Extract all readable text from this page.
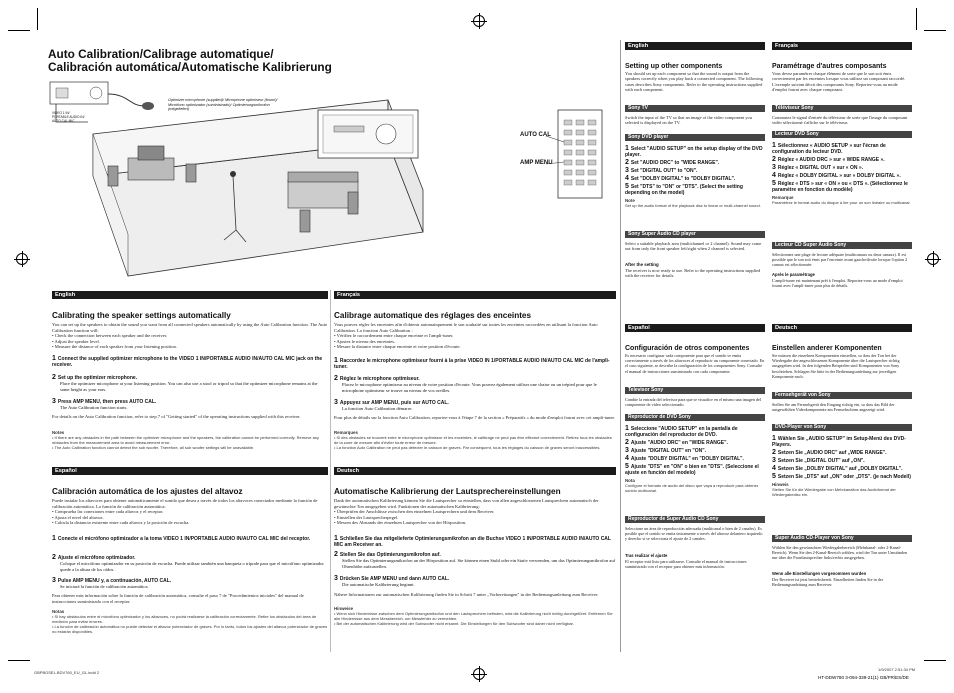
Auto Calibration/Calibrage automatique/
Calibración automática/Automatische Kalibrierung
Optimizer microphone (supplied)/ Microphone optimiseur (fourni)/ Micrófono optimizador (suministrado)/ Optimierungsmikrofon (mitgeliefert)
VIDEO 1 IN/ PORTABLE AUDIO IN/ AUTO CAL MIC
AUTO CAL
AMP MENU
English
Calibrating the speaker settings automatically

You can set up the speakers to obtain the sound you want from all connected speakers automatically by using the Auto Calibration function. The Auto Calibration function will:

• Check the connection between each speaker and the receiver.

• Adjust the speaker level.

• Measure the distance of each speaker from your listening position.

1 Connect the supplied optimizer microphone to the VIDEO 1 IN/PORTABLE AUDIO IN/AUTO CAL MIC jack on the receiver.
2 Set up the optimizer microphone.
Place the optimizer microphone at your listening position. You can also use a stool or tripod so that the optimizer microphone remains at the same height as your ears.
3 Press AMP MENU, then press AUTO CAL.
The Auto Calibration function starts.
For details on the Auto Calibration function, refer to step 7 of "Getting started" of the operating instructions supplied with this receiver.
Notes

• If there are any obstacles in the path between the optimizer microphone and the speakers, the calibration cannot be performed correctly. Remove any obstacles from the measurement area to avoid measurement error.

• The Auto Calibration function cannot detect the sub woofer. Therefore, all sub woofer settings will be unavailable.

Français
Calibrage automatique des réglages des enceintes

Vous pouvez régler les enceintes afin d'obtenir automatiquement le son souhaité sur toutes les enceintes raccordées en utilisant la fonction Auto Calibration. La fonction Auto Calibration :

• Vérifiez le raccordement entre chaque enceinte et l'ampli-tuner.

• Ajustez le niveau des enceintes.

• Mesure la distance entre chaque enceinte et votre position d'écoute.

1 Raccordez le microphone optimiseur fourni à la prise VIDEO IN 1/PORTABLE AUDIO IN/AUTO CAL MIC de l'ampli-tuner.
2 Réglez le microphone optimiseur.
Placez le microphone optimiseur au niveau de votre position d'écoute. Vous pouvez également utiliser une chaise ou un trépied pour que le microphone optimiseur se trouve au niveau de vos oreilles.
3 Appuyez sur AMP MENU, puis sur AUTO CAL.
La fonction Auto Calibration démarre.
Pour plus de détails sur la fonction Auto Calibration, reportez-vous à l'étape 7 de la section « Préparatifs » du mode d'emploi fourni avec cet ampli-tuner.
Remarques

• Si des obstacles se trouvent entre le microphone optimiseur et les enceintes, le calibrage ne peut pas être effectué correctement. Retirez tous les obstacles de la zone de mesure afin d'éviter toute erreur de mesure.

• La fonction Auto Calibration ne peut pas détecter le caisson de graves. Par conséquent, tous les réglages du caisson de graves seront inaccessibles.

Español
Calibración automática de los ajustes del altavoz

Puede instalar los altavoces para obtener automáticamente el sonido que desea a través de todos los altavoces conectados mediante la función de calibración automática. La función de calibración automática:

• Comprueba las conexiones entre cada altavoz y el receptor.

• Ajusta el nivel del altavoz.

• Calcula la distancia existente entre cada altavoz y la posición de escucha.

1 Conecte el micrófono optimizador a la toma VIDEO 1 IN/PORTABLE AUDIO IN/AUTO CAL MIC del receptor.
2 Ajuste el micrófono optimizador.
Coloque el micrófono optimizador en su posición de escucha. Puede utilizar también una banqueta o trípode para que el micrófono optimizador quede a la altura de los oídos.
3 Pulse AMP MENU y, a continuación, AUTO CAL.
Se iniciará la función de calibración automática.
Para obtener más información sobre la función de calibración automática, consulte el paso 7 de "Procedimientos iniciales" del manual de instrucciones suministrado con el receptor.
Notas

• Si hay obstáculos entre el micrófono optimizador y los altavoces, no podrá realizarse la calibración correctamente. Retire los obstáculos del área de medición para evitar errores.

• La función de calibración automática no puede detectar el altavoz potenciador de graves. Por lo tanto, todos los ajustes del altavoz potenciador de graves no estarán disponibles.

Deutsch
Automatische Kalibrierung der Lautsprechereinstellungen

Dank der automatischen Kalibrierung können Sie die Lautsprecher so einstellen, dass von allen angeschlossenen Lautsprechern automatisch der gewünschte Ton ausgegeben wird. Funktionen der automatischen Kalibrierung:

• Überprüfen der Anschlüsse zwischen den einzelnen Lautsprechern und dem Receiver.

• Einstellen der Lautsprecherpegel.

• Messen des Abstands der einzelnen Lautsprecher von der Hörposition.

1 Schließen Sie das mitgelieferte Optimierungsmikrofon an die Buchse VIDEO 1 IN/PORTABLE AUDIO IN/AUTO CAL MIC am Receiver an.
2 Stellen Sie das Optimierungsmikrofon auf.
Stellen Sie das Optimierungsmikrofon an der Hörposition auf. Sie können einen Stuhl oder ein Stativ verwenden, um das Optimierungsmikrofon auf Ohrenhöhe aufzustellen.
3 Drücken Sie AMP MENU und dann AUTO CAL.
Die automatische Kalibrierung beginnt.
Nähere Informationen zur automatischen Kalibrierung finden Sie in Schritt 7 unter „Vorbereitungen" in der Bedienungsanleitung zum Receiver.
Hinweise

• Wenn sich Hindernisse zwischen dem Optimierungsmikrofon und den Lautsprechern befinden, wird die Kalibrierung nicht richtig durchgeführt. Entfernen Sie alle Hindernisse aus dem Messbereich, um Messfehler zu vermeiden.

• Bei der automatischen Kalibrierung wird der Subwoofer nicht erkannt. Die Einstellungen für den Subwoofer sind daher nicht verfügbar.

English
Setting up other components
You should set up each component so that the sound is output from the speakers correctly when you play back a connected component. The following cases describes Sony components. Refer to the operating instructions supplied with each component.
Sony TV
Switch the input of the TV so that an image of the video component you selected is displayed on the TV.
Sony DVD player
1 Select "AUDIO SETUP" on the setup display of the DVD player.
2 Set "AUDIO DRC" to "WIDE RANGE".
3 Set "DIGITAL OUT" to "ON".
4 Set "DOLBY DIGITAL" to "DOLBY DIGITAL".
5 Set "DTS" to "ON" or "DTS". (Select the setting depending on the model)
Note
Set up the audio format of the playback disc to linear or multi-channel sound.
Sony Super Audio CD player
Select a suitable playback area (multichannel or 2 channel). Sound may come out from only the front speaker left/right when 2 channel is selected.
After the setting
The receiver is now ready to use. Refer to the operating instructions supplied with the receiver for details.
Français
Paramétrage d'autres composants
Vous devez paramétrer chaque élément de sorte que le son soit émis correctement par les enceintes lorsque vous utilisez un composant raccordé. L'exemple suivant décrit des composants Sony. Reportez-vous au mode d'emploi fourni avec chaque composant.
Téléviseur Sony
Commutez le signal d'entrée du téléviseur de sorte que l'image du composant vidéo sélectionné s'affiche sur le téléviseur.
Lecteur DVD Sony
1 Sélectionnez « AUDIO SETUP » sur l'écran de configuration du lecteur DVD.
2 Réglez « AUDIO DRC » sur « WIDE RANGE ».
3 Réglez « DIGITAL OUT » sur « ON ».
4 Réglez « DOLBY DIGITAL » sur « DOLBY DIGITAL ».
5 Réglez « DTS » sur « ON » ou « DTS ». (Sélectionnez le paramètre en fonction du modèle)
Remarque
Paramétrez le format audio du disque à lire pour un son linéaire ou multicanal.
Lecteur CD Super Audio Sony
Sélectionnez une plage de lecture adéquate (multicanaux ou deux canaux). Il est possible que le son soit émis par l'enceinte avant gauche/droite lorsque l'option 2 canaux est sélectionnée.
Après le paramétrage
L'ampli-tuner est maintenant prêt à l'emploi. Reportez-vous au mode d'emploi fourni avec l'ampli-tuner pour plus de détails.
Español
Configuración de otros componentes
Es necesario configurar cada componente para que el sonido se emita correctamente a través de los altavoces al reproducir un componente conectado. En el caso siguiente, se describe la configuración de los componentes Sony. Consulte el manual de instrucciones suministrado con cada componente.
Televisor Sony
Cambie la entrada del televisor para que se visualice en el mismo una imagen del componente de vídeo seleccionado.
Reproductor de DVD Sony
1 Seleccione "AUDIO SETUP" en la pantalla de configuración del reproductor de DVD.
2 Ajuste "AUDIO DRC" en "WIDE RANGE".
3 Ajuste "DIGITAL OUT" en "ON".
4 Ajuste "DOLBY DIGITAL" en "DOLBY DIGITAL".
5 Ajuste "DTS" en "ON" o bien en "DTS". (Seleccione el ajuste en función del modelo)
Nota
Configure el formato de audio del disco que vaya a reproducir para obtener sonido multicanal.
Reproductor de Super Audio CD Sony
Seleccione un área de reproducción adecuada (multicanal o bien de 2 canales). Es posible que el sonido se emita únicamente a través del altavoz delantero izquierdo y derecho si se selecciona el ajuste de 2 canales.
Tras realizar el ajuste
El receptor está listo para utilizarse. Consulte el manual de instrucciones suministrado con el receptor para obtener más información.
Deutsch
Einstellen anderer Komponenten
Sie müssen die einzelnen Komponenten einstellen, so dass der Ton bei der Wiedergabe der angeschlossenen Komponente über die Lautsprecher richtig ausgegeben wird. In den folgenden Beispielen sind Komponenten von Sony beschrieben. Schlagen Sie bitte in der Bedienungsanleitung zur jeweiligen Komponente nach.
Fernsehgerät von Sony
Stellen Sie am Fernsehgerät den Eingang richtig ein, so dass das Bild der ausgewählten Videokomponente am Fernsehschirm angezeigt wird.
DVD-Player von Sony
1 Wählen Sie „AUDIO SETUP" im Setup-Menü des DVD-Players.
2 Setzen Sie „AUDIO DRC" auf „WIDE RANGE".
3 Setzen Sie „DIGITAL OUT" auf „ON".
4 Setzen Sie „DOLBY DIGITAL" auf „DOLBY DIGITAL".
5 Setzen Sie „DTS" auf „ON" oder „DTS". (je nach Modell)
Hinweis
Stellen Sie für die Wiedergabe von Mehrkanalton das Audioformat der Wiedergabedisc ein.
Super Audio CD-Player von Sony
Wählen Sie den gewünschten Wiedergabebereich (Mehrkanal- oder 2-Kanal-Bereich). Wenn Sie den 2-Kanal-Bereich wählen, wird der Ton unter Umständen nur über die Frontlautsprecher links/rechts ausgegeben.
Wenn alle Einstellungen vorgenommen wurden
Der Receiver ist jetzt betriebsbereit. Einzelheiten finden Sie in der Bedienungsanleitung zum Receiver.
GBPBOSEL.BDV760_EU_GL.indd 2
1/9/2007 2:51:34 PM
HT-DDW780 3-094-339-21(1) GB/FR/ES/DE
